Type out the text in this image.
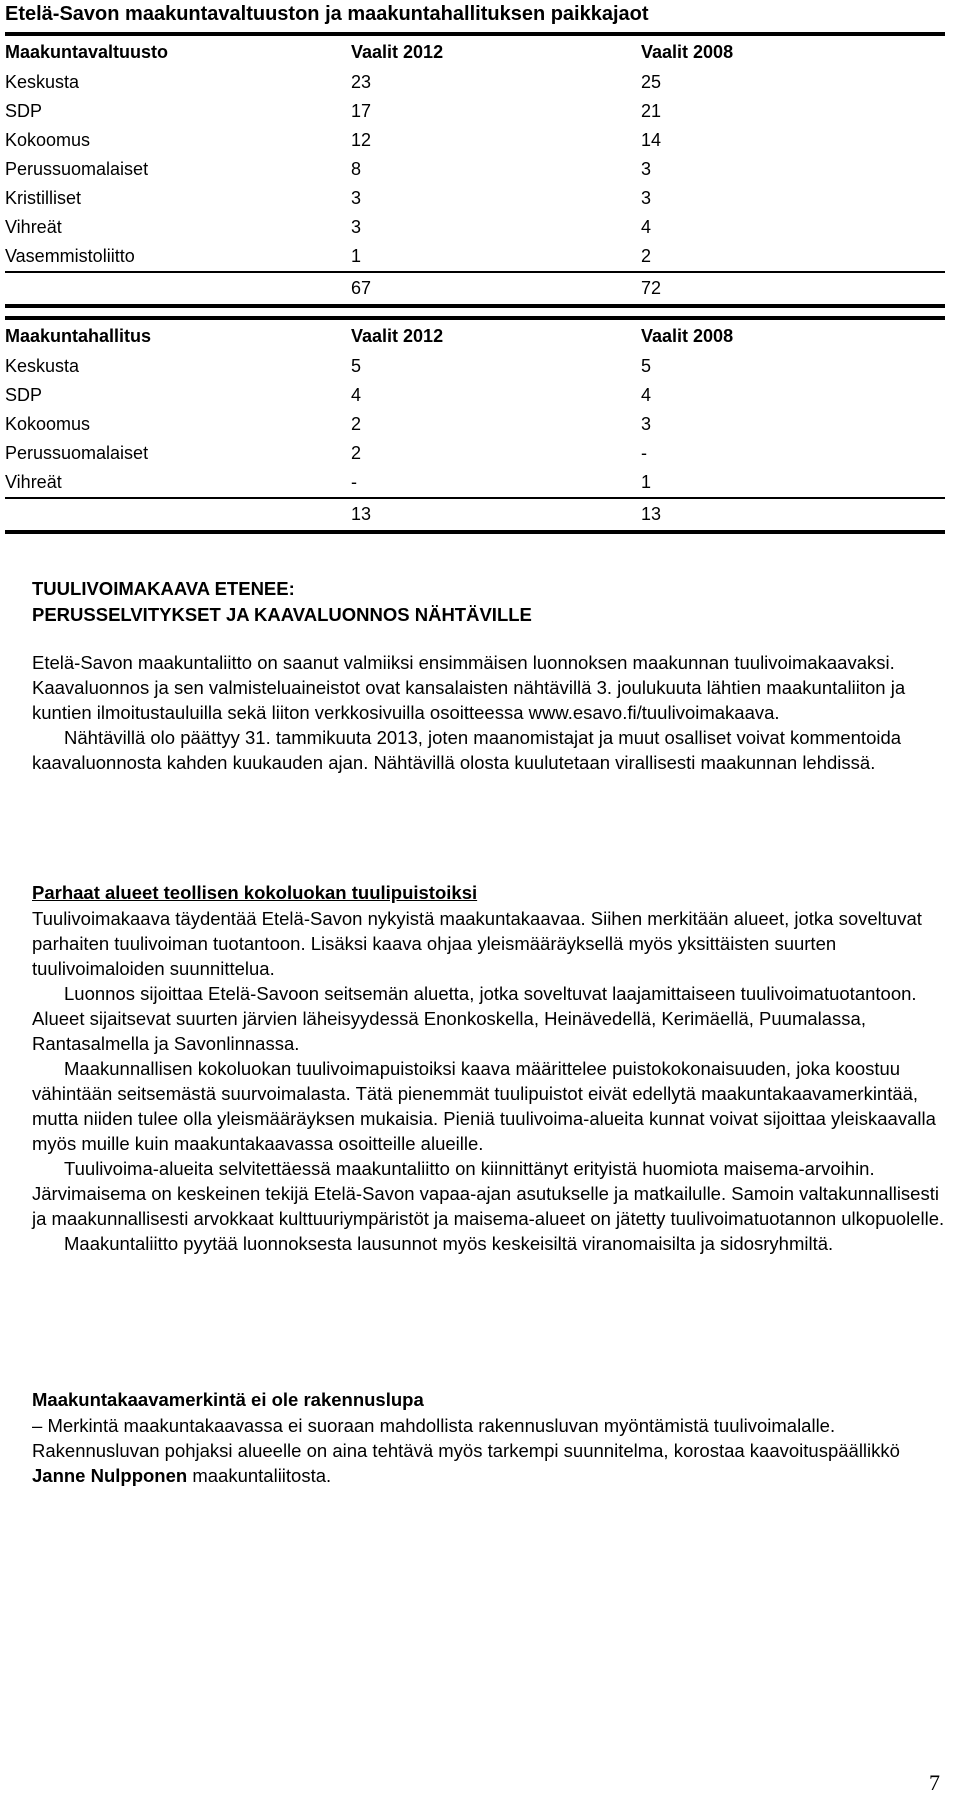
Etelä-Savon maakuntavaltuuston ja maakuntahallituksen paikkajaot
Maakuntavaltuusto	Vaalit 2012	Vaalit 2008
Keskusta	23	25
SDP	17	21
Kokoomus	12	14
Perussuomalaiset	8	3
Kristilliset	3	3
Vihreät	3	4
Vasemmistoliitto	1	2
	67	72
Maakuntahallitus	Vaalit 2012	Vaalit 2008
Keskusta	5	5
SDP	4	4
Kokoomus	2	3
Perussuomalaiset	2	-
Vihreät	-	1
	13	13

TUULIVOIMAKAAVA ETENEE:

PERUSSELVITYKSET JA KAAVALUONNOS NÄHTÄVILLE

Etelä-Savon maakuntaliitto on saanut valmiiksi ensimmäisen luonnoksen maakunnan tuulivoimakaavaksi. Kaavaluonnos ja sen valmisteluaineistot ovat kansalaisten nähtävillä 3. joulukuuta lähtien maakuntaliiton ja kuntien ilmoitustauluilla sekä liiton verkkosivuilla osoitteessa www.esavo.fi/tuulivoimakaava.

Nähtävillä olo päättyy 31. tammikuuta 2013, joten maanomistajat ja muut osalliset voivat kommentoida kaavaluonnosta kahden kuukauden ajan. Nähtävillä olosta kuulutetaan virallisesti maakunnan lehdissä.

Parhaat alueet teollisen kokoluokan tuulipuistoiksi

Tuulivoimakaava täydentää Etelä-Savon nykyistä maakuntakaavaa. Siihen merkitään alueet, jotka soveltuvat parhaiten tuulivoiman tuotantoon. Lisäksi kaava ohjaa yleismääräyksellä myös yksittäisten suurten tuulivoimaloiden suunnittelua.

Luonnos sijoittaa Etelä-Savoon seitsemän aluetta, jotka soveltuvat laajamittaiseen tuulivoimatuotantoon. Alueet sijaitsevat suurten järvien läheisyydessä Enonkoskella, Heinävedellä, Kerimäellä, Puumalassa, Rantasalmella ja Savonlinnassa.

Maakunnallisen kokoluokan tuulivoimapuistoiksi kaava määrittelee puistokokonaisuuden, joka koostuu vähintään seitsemästä suurvoimalasta. Tätä pienemmät tuulipuistot eivät edellytä maakuntakaavamerkintää, mutta niiden tulee olla yleismääräyksen mukaisia. Pieniä tuulivoima-alueita kunnat voivat sijoittaa yleiskaavalla myös muille kuin maakuntakaavassa osoitteille alueille.

Tuulivoima-alueita selvitettäessä maakuntaliitto on kiinnittänyt erityistä huomiota maisema-arvoihin. Järvimaisema on keskeinen tekijä Etelä-Savon vapaa-ajan asutukselle ja matkailulle. Samoin valtakunnallisesti ja maakunnallisesti arvokkaat kulttuuriympäristöt ja maisema-alueet on jätetty tuulivoimatuotannon ulkopuolelle.

Maakuntaliitto pyytää luonnoksesta lausunnot myös keskeisiltä viranomaisilta ja sidosryhmiltä.

Maakuntakaavamerkintä ei ole rakennuslupa

– Merkintä maakuntakaavassa ei suoraan mahdollista rakennusluvan myöntämistä tuulivoimalalle. Rakennusluvan pohjaksi alueelle on aina tehtävä myös tarkempi suunnitelma, korostaa kaavoituspäällikkö Janne Nulpponen maakuntaliitosta.

7
